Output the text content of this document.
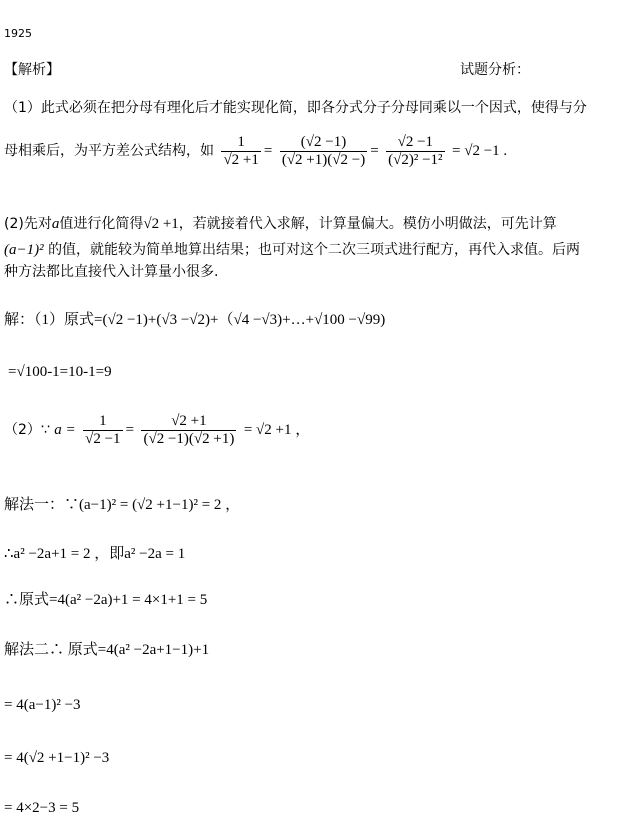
﻿1﻿9﻿﻿2﻿5﻿
【解析】	试题分析：
（1）此式必须在把分母有理化后才能实现化简，即各分式分子分母同乘以一个因式，使得与分
母相乘后，为平方差公式结构，如 $\frac{1}{√2 +1} = \frac{(√2 -1)}{(√2 +1)(√2 -)} = \frac{√2 -1}{\text{(√2)² −1²}} = √2 -1$ .
(2)先对a值进行化简得√2 +1，若就接着代入求解，计算量偏大。模仿小明做法，可先计算
(a−1)² 的值，就能较为简单地算出结果；也可对这个二次三项式进行配方，再代入求值。后两
种方法都比直接代入计算量小很多.
解：（1）原式=(√2 −1)+(√3 −√2)+（√4 −√3)+…+√100 −√99)
=√100-1=10-1=9
（2）∵ $a = \frac{1}{√2 -1} = \frac{√2 +1}{(√2 -1)(√2 +1)} = √2 +1$ ，
解法一：∵(a−1)² = (√2 +1−1)² = 2 ，
∴a² −2a+1 = 2 ，即a² −2a = 1
∴原式=4(a² −2a)+1 = 4×1+1 = 5
解法二∴ 原式=4(a² −2a+1−1)+1
= 4(a−1)² −3
= 4(√2 +1−1)² −3
= 4×2−3 = 5
